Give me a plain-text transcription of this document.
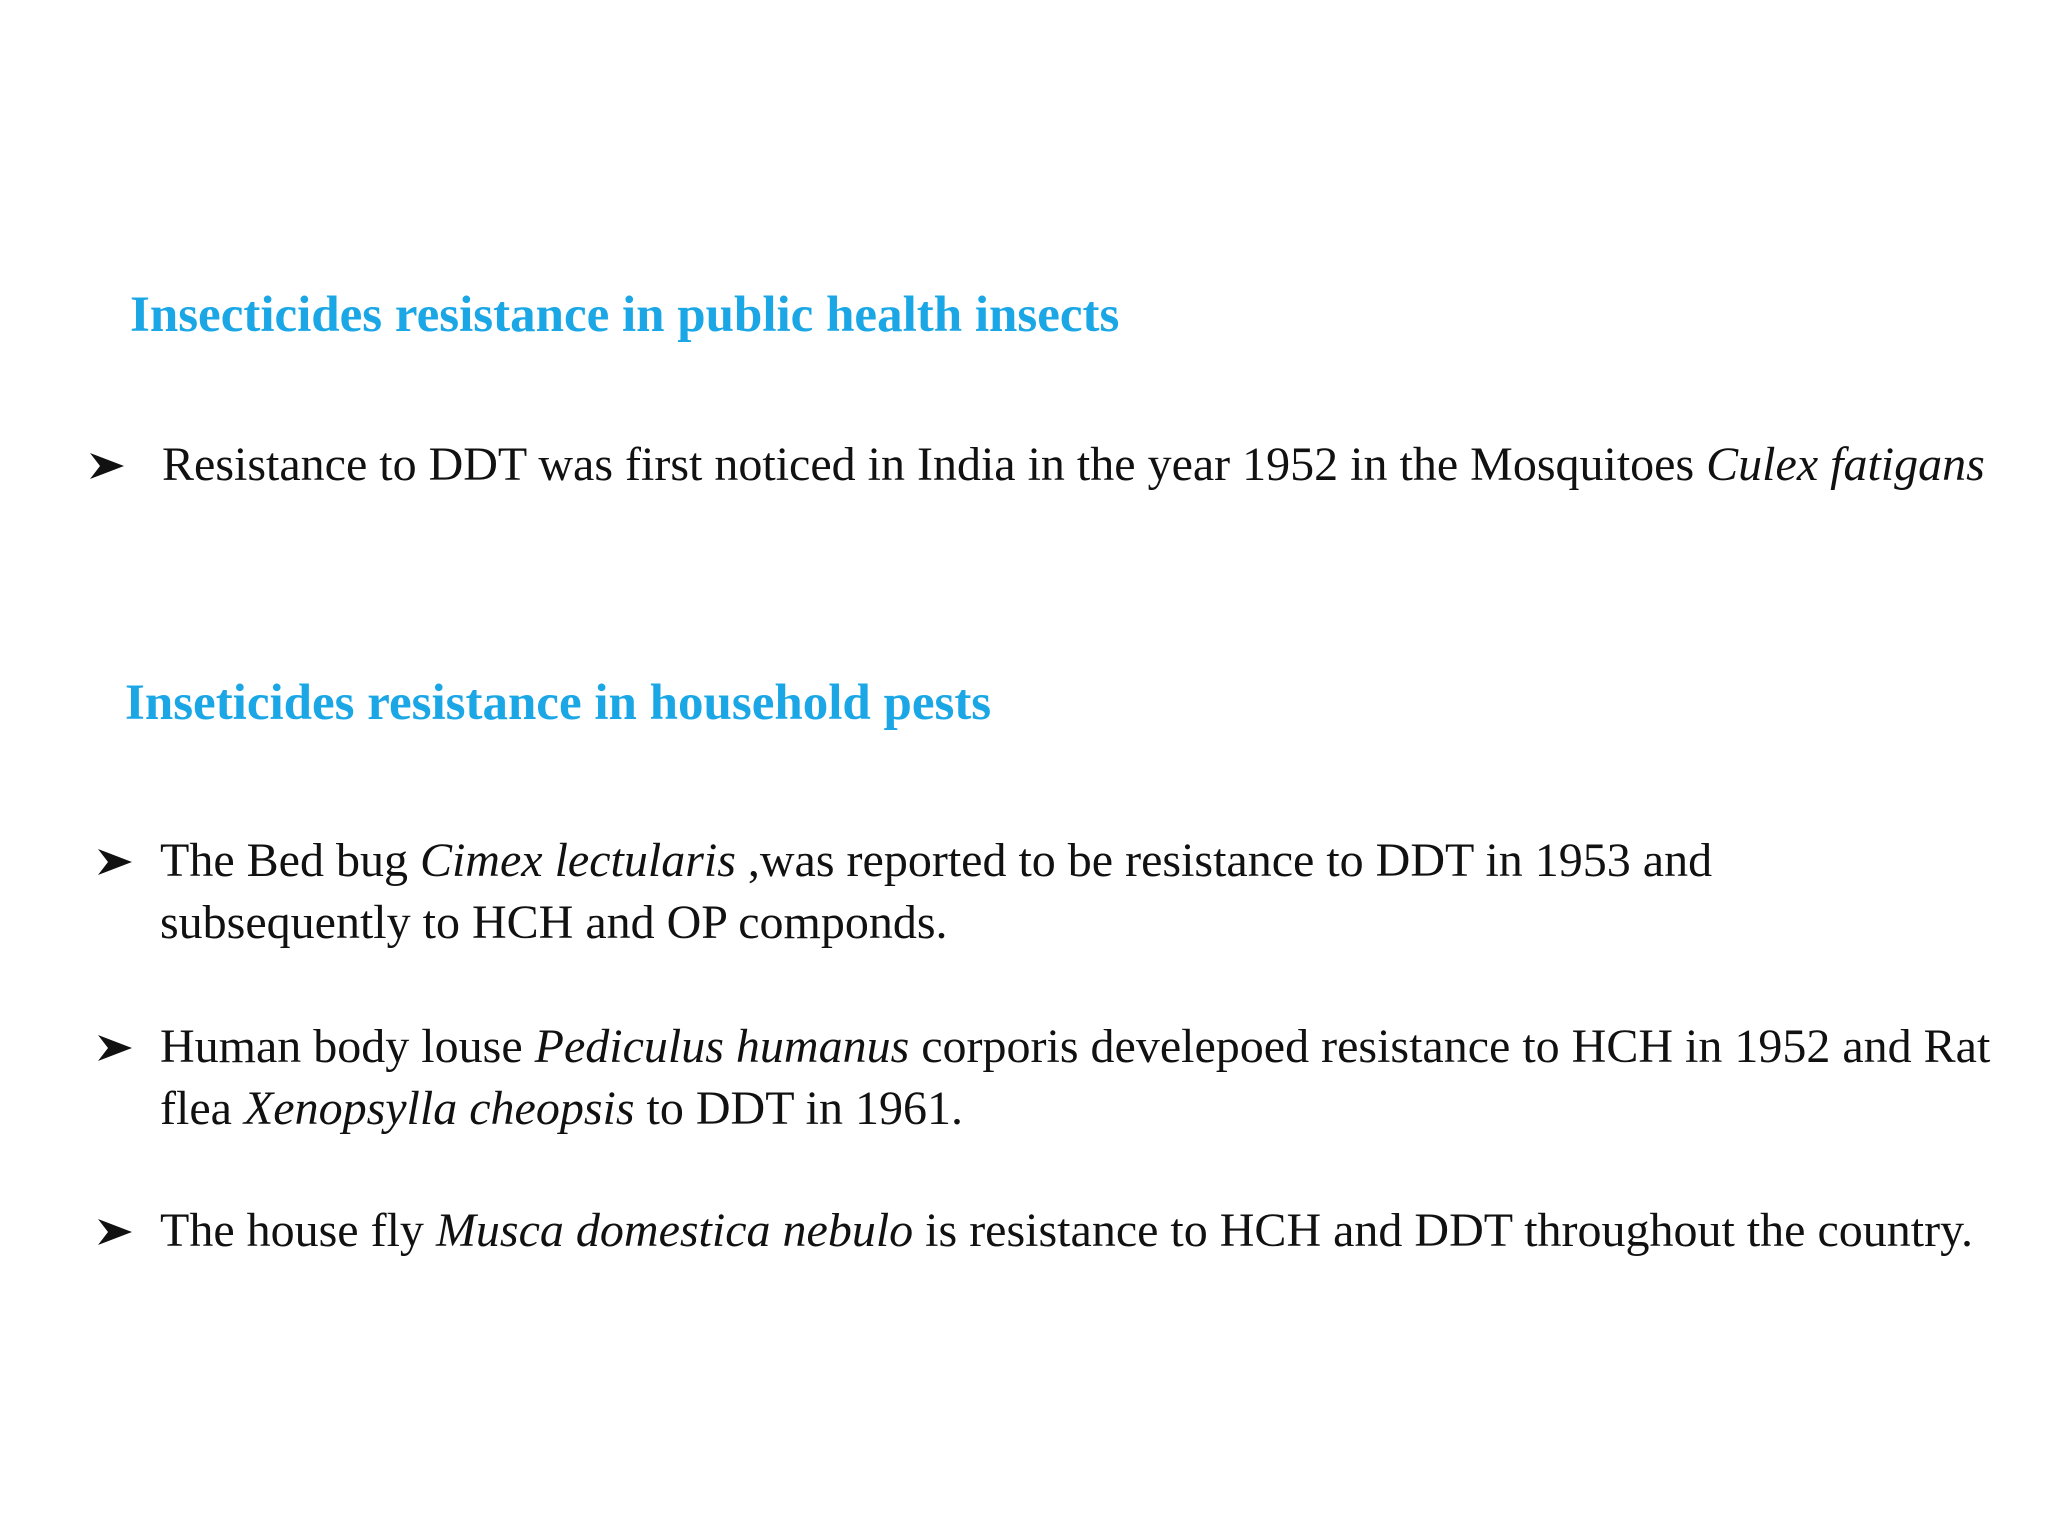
Insecticides resistance in public health insects
Resistance to DDT was first noticed in India in the year 1952 in the Mosquitoes Culex fatigans
Inseticides resistance in household pests
The Bed bug Cimex lectularis ,was reported to be resistance to DDT in 1953 and subsequently to HCH and OP componds.
Human body louse Pediculus humanus corporis develepoed resistance to HCH in 1952 and Rat flea Xenopsylla cheopsis to DDT in 1961.
The house fly Musca domestica nebulo is resistance to HCH and DDT throughout the country.
